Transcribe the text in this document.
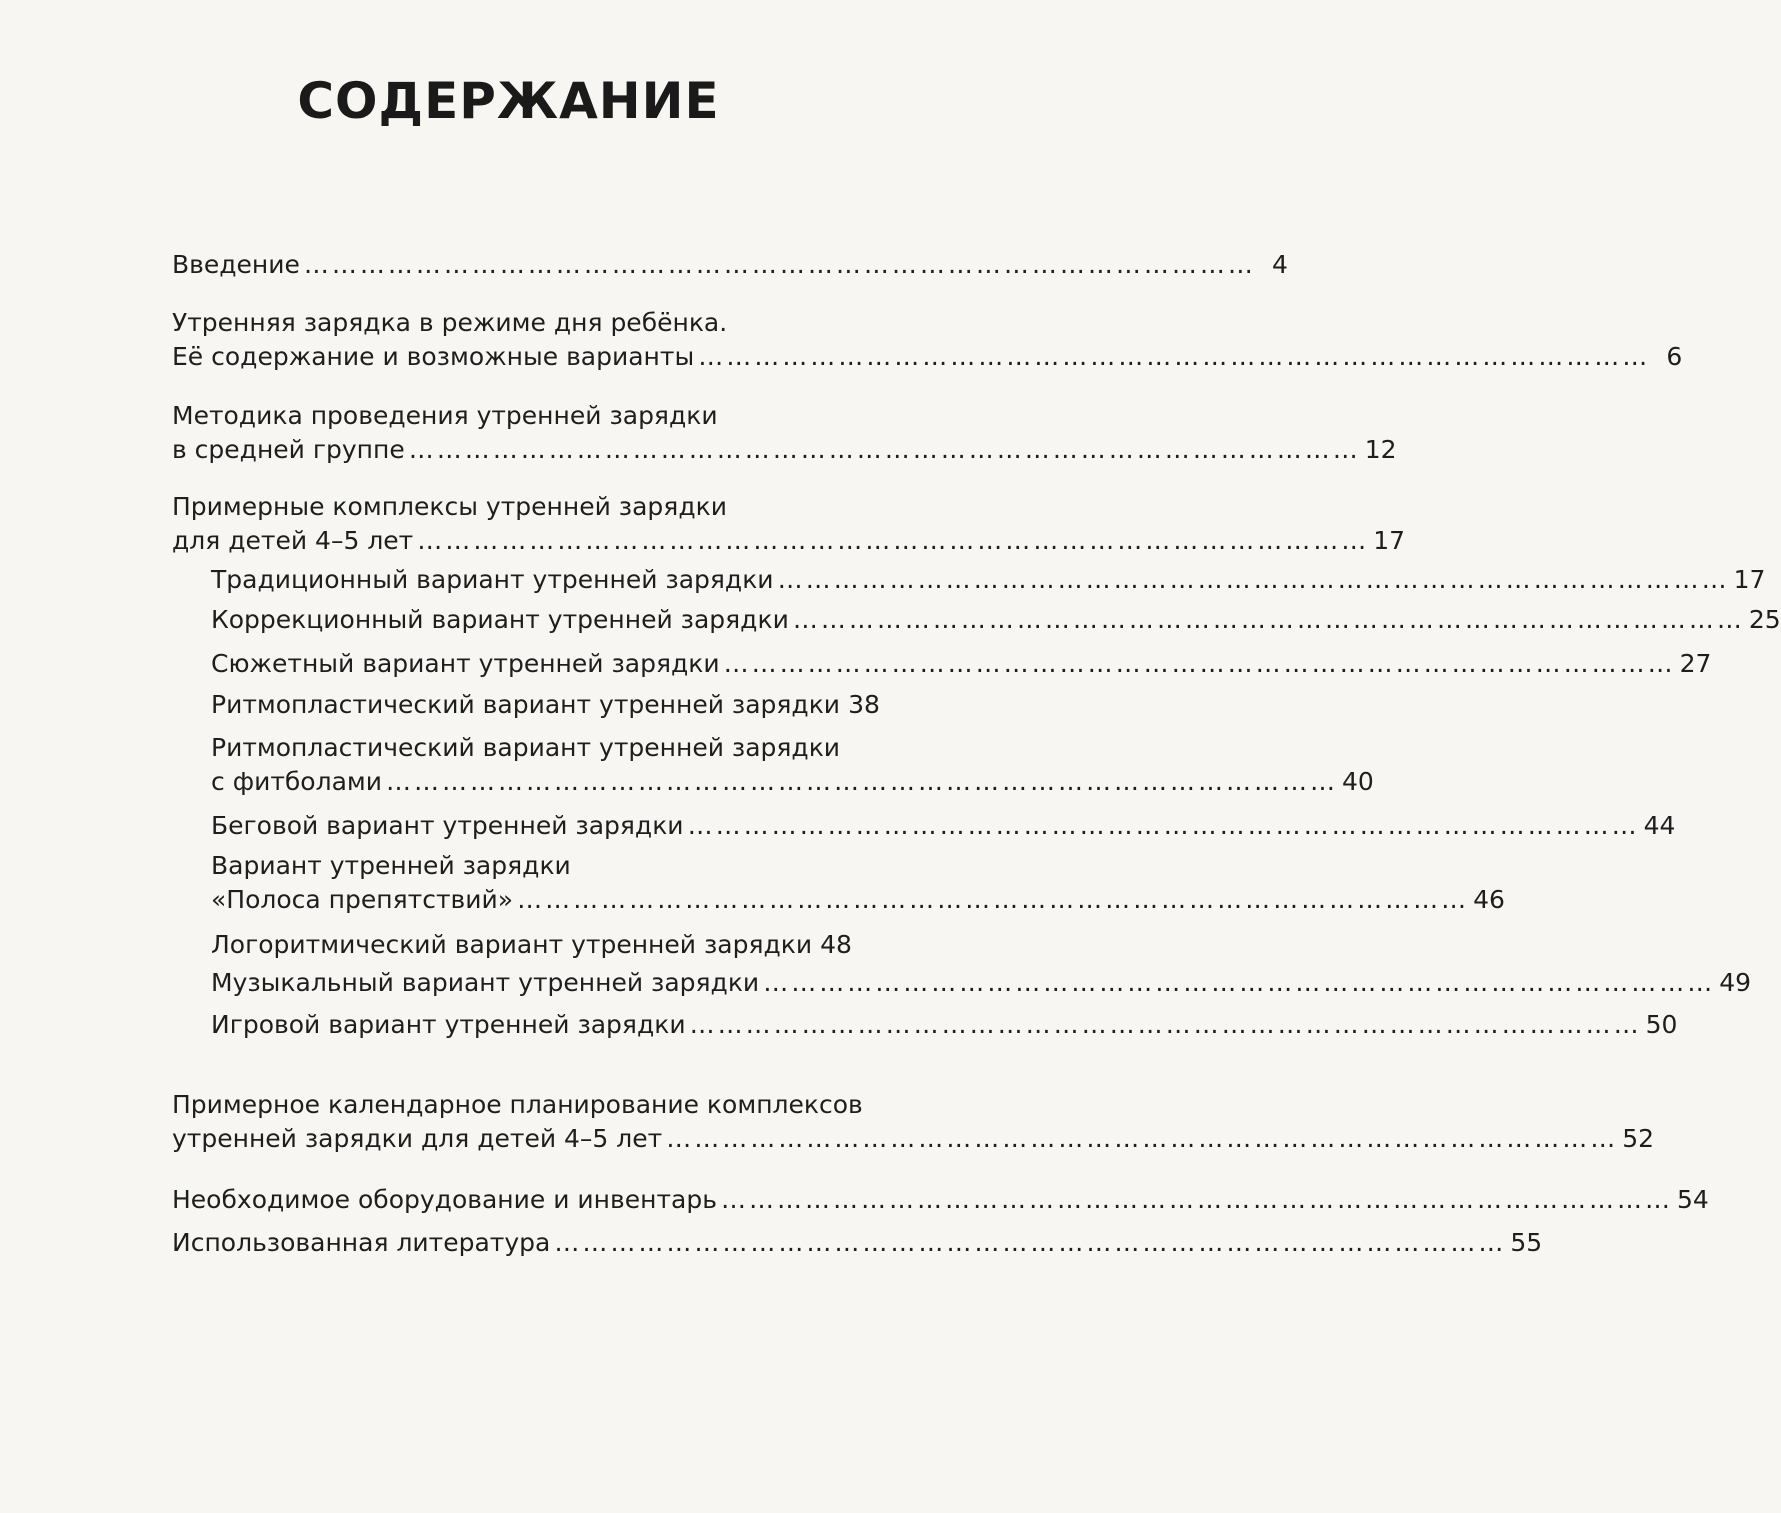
СОДЕРЖАНИЕ
Введение ………………………………………………………………………………………… 4
Утренняя зарядка в режиме дня ребёнка.
Её содержание и возможные варианты ………………………………………………………………………………………… 6
Методика проведения утренней зарядки
в средней группе ………………………………………………………………………………………… 12
Примерные комплексы утренней зарядки
для детей 4–5 лет ………………………………………………………………………………………… 17
Традиционный вариант утренней зарядки ………………………………………………………………………………………… 17
Коррекционный вариант утренней зарядки ………………………………………………………………………………………… 25
Сюжетный вариант утренней зарядки ………………………………………………………………………………………… 27
Ритмопластический вариант утренней зарядки 38
Ритмопластический вариант утренней зарядки
с фитболами ………………………………………………………………………………………… 40
Беговой вариант утренней зарядки ………………………………………………………………………………………… 44
Вариант утренней зарядки
«Полоса препятствий» ………………………………………………………………………………………… 46
Логоритмический вариант утренней зарядки 48
Музыкальный вариант утренней зарядки ………………………………………………………………………………………… 49
Игровой вариант утренней зарядки ………………………………………………………………………………………… 50
Примерное календарное планирование комплексов
утренней зарядки для детей 4–5 лет ………………………………………………………………………………………… 52
Необходимое оборудование и инвентарь ………………………………………………………………………………………… 54
Использованная литература ………………………………………………………………………………………… 55
